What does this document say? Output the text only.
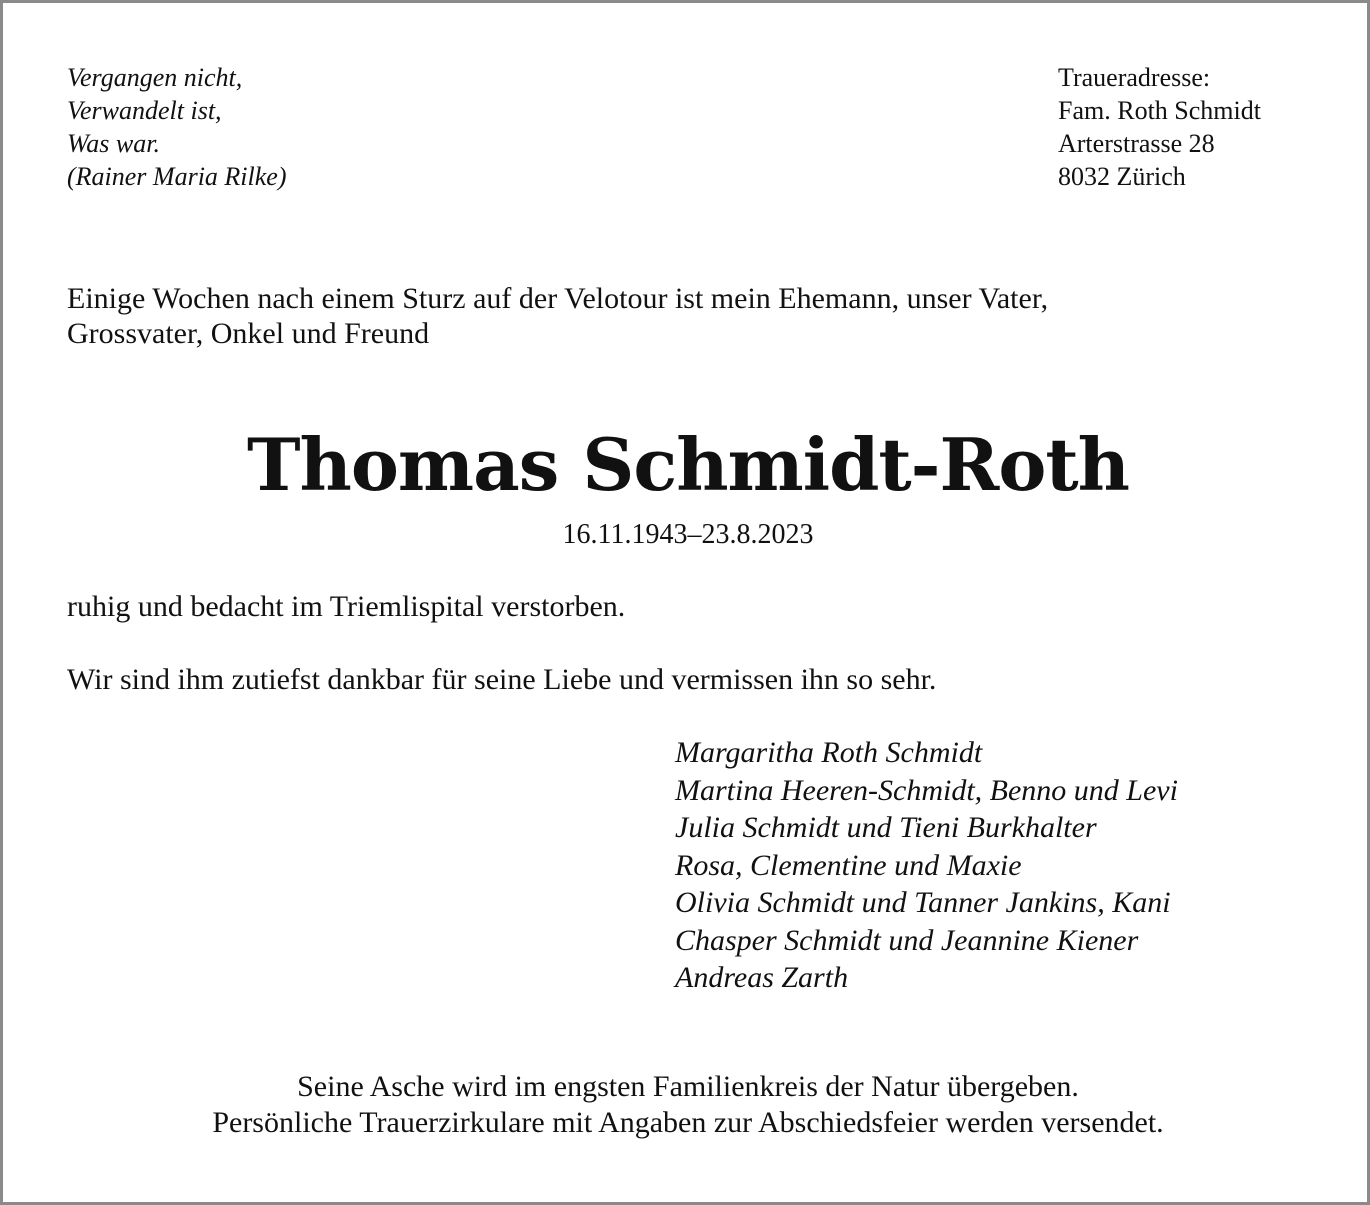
Vergangen nicht,
Verwandelt ist,
Was war.
(Rainer Maria Rilke)
Traueradresse:
Fam. Roth Schmidt
Arterstrasse 28
8032 Zürich
Einige Wochen nach einem Sturz auf der Velotour ist mein Ehemann, unser Vater,
Grossvater, Onkel und Freund
Thomas Schmidt-Roth
16.11.1943–23.8.2023
ruhig und bedacht im Triemlispital verstorben.
Wir sind ihm zutiefst dankbar für seine Liebe und vermissen ihn so sehr.
Margaritha Roth Schmidt
Martina Heeren-Schmidt, Benno und Levi
Julia Schmidt und Tieni Burkhalter
Rosa, Clementine und Maxie
Olivia Schmidt und Tanner Jankins, Kani
Chasper Schmidt und Jeannine Kiener
Andreas Zarth
Seine Asche wird im engsten Familienkreis der Natur übergeben.
Persönliche Trauerzirkulare mit Angaben zur Abschiedsfeier werden versendet.
